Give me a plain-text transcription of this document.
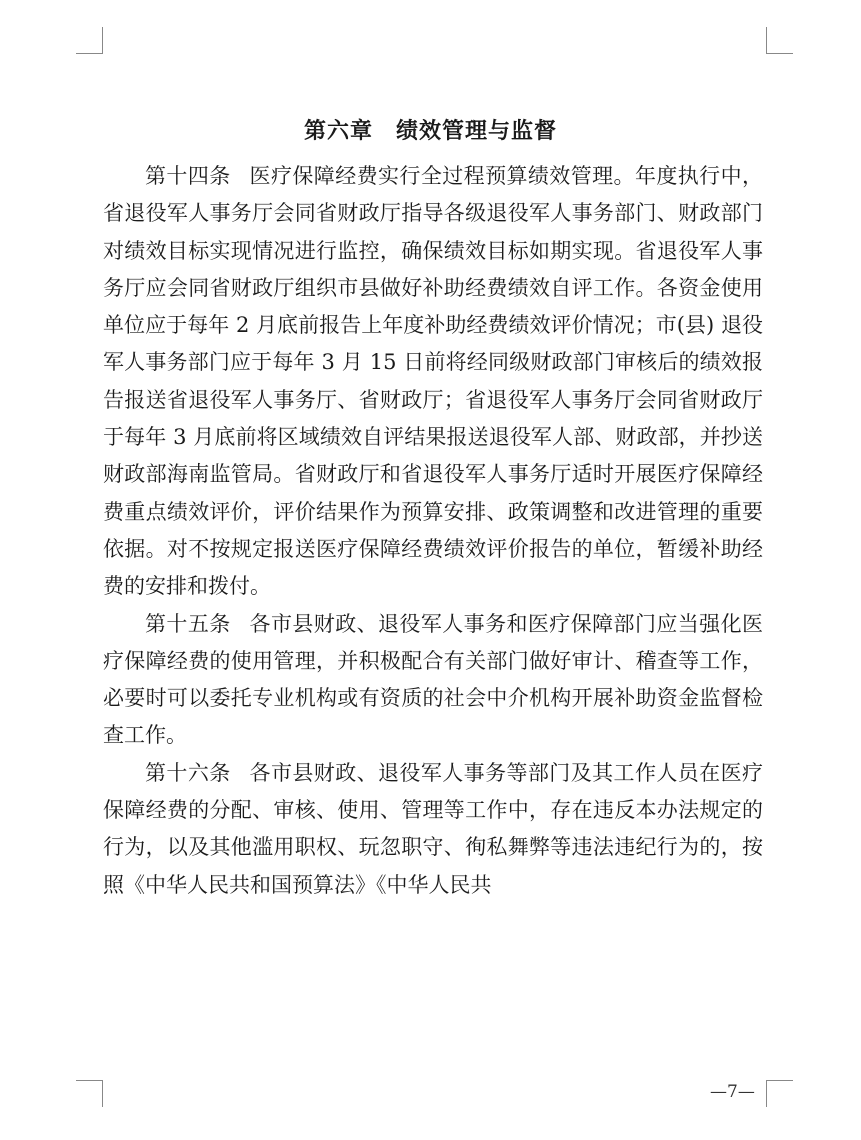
第六章　绩效管理与监督

第十四条 医疗保障经费实行全过程预算绩效管理。年度执行中，省退役军人事务厅会同省财政厅指导各级退役军人事务部门、财政部门对绩效目标实现情况进行监控，确保绩效目标如期实现。省退役军人事务厅应会同省财政厅组织市县做好补助经费绩效自评工作。各资金使用单位应于每年 2 月底前报告上年度补助经费绩效评价情况；市(县) 退役军人事务部门应于每年 3 月 15 日前将经同级财政部门审核后的绩效报告报送省退役军人事务厅、省财政厅；省退役军人事务厅会同省财政厅于每年 3 月底前将区域绩效自评结果报送退役军人部、财政部，并抄送财政部海南监管局。省财政厅和省退役军人事务厅适时开展医疗保障经费重点绩效评价，评价结果作为预算安排、政策调整和改进管理的重要依据。对不按规定报送医疗保障经费绩效评价报告的单位，暂缓补助经费的安排和拨付。

第十五条 各市县财政、退役军人事务和医疗保障部门应当强化医疗保障经费的使用管理，并积极配合有关部门做好审计、稽查等工作，必要时可以委托专业机构或有资质的社会中介机构开展补助资金监督检查工作。

第十六条 各市县财政、退役军人事务等部门及其工作人员在医疗保障经费的分配、审核、使用、管理等工作中，存在违反本办法规定的行为，以及其他滥用职权、玩忽职守、徇私舞弊等违法违纪行为的，按照《中华人民共和国预算法》《中华人民共

—7—
